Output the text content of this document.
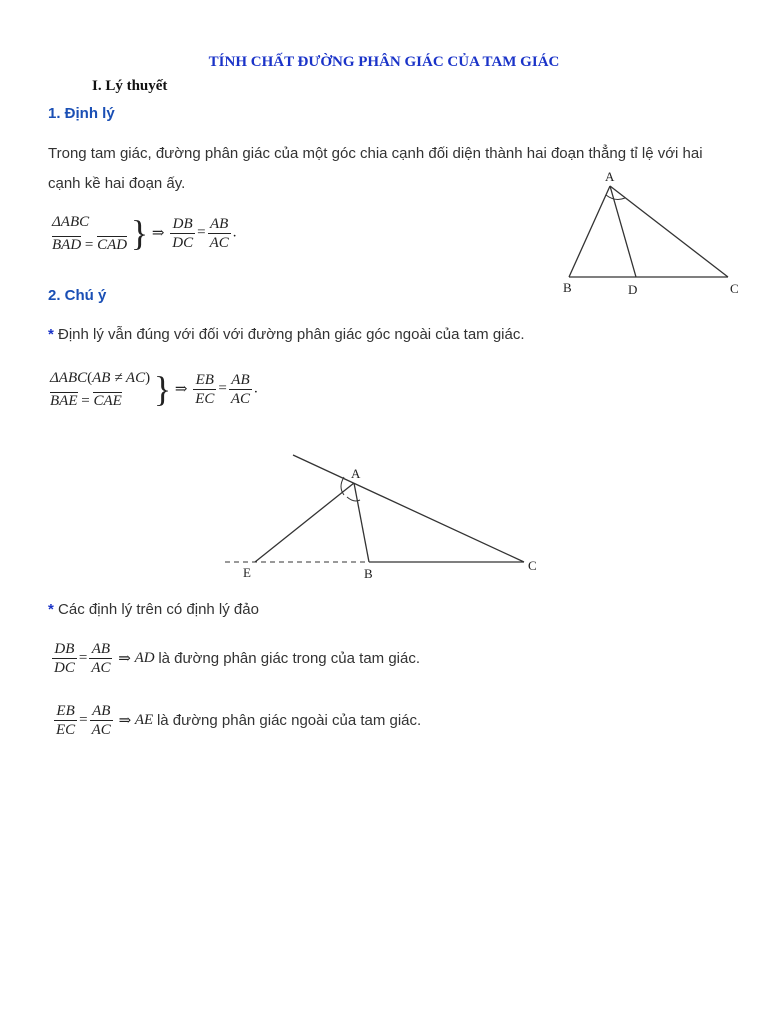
TÍNH CHẤT ĐƯỜNG PHÂN GIÁC CỦA TAM GIÁC
I. Lý thuyết
1. Định lý
Trong tam giác, đường phân giác của một góc chia cạnh đối diện thành hai đoạn thẳng tỉ lệ với hai cạnh kề hai đoạn ấy.
ΔABC
BAD = CAD } ⇒ $\frac{DB}{DC} = \frac{AB}{AC}$ .
A
B	D	C
2. Chú ý
* Định lý vẫn đúng với đối với đường phân giác góc ngoài của tam giác.
ΔABC(AB ≠ AC)
BAE = CAE } ⇒ $\frac{EB}{EC} = \frac{AB}{AC}$ .
A
E	B
C
* Các định lý trên có định lý đảo
$\frac{DB}{DC} = \frac{AB}{AC}$ ⇒ AD là đường phân giác trong của tam giác.
$\frac{EB}{EC} = \frac{AB}{AC}$ ⇒ AE là đường phân giác ngoài của tam giác.
